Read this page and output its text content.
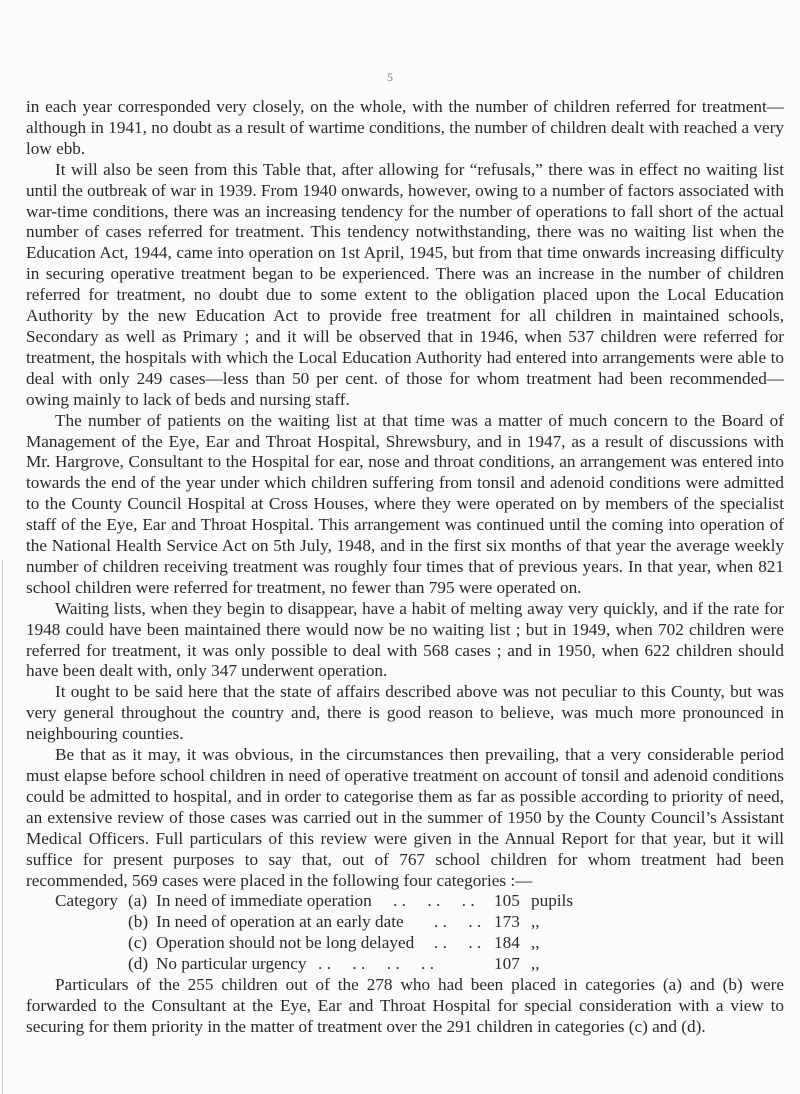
5

in each year corresponded very closely, on the whole, with the number of children referred for treatment—although in 1941, no doubt as a result of wartime conditions, the number of children dealt with reached a very low ebb.

It will also be seen from this Table that, after allowing for “refusals,” there was in effect no waiting list until the outbreak of war in 1939. From 1940 onwards, however, owing to a number of factors associated with war-time conditions, there was an increasing tendency for the number of operations to fall short of the actual number of cases referred for treatment. This tendency notwithstanding, there was no waiting list when the Education Act, 1944, came into operation on 1st April, 1945, but from that time onwards increasing difficulty in securing operative treatment began to be experienced. There was an increase in the number of children referred for treatment, no doubt due to some extent to the obligation placed upon the Local Education Authority by the new Education Act to provide free treatment for all children in maintained schools, Secondary as well as Primary ; and it will be observed that in 1946, when 537 children were referred for treatment, the hospitals with which the Local Education Authority had entered into arrangements were able to deal with only 249 cases—less than 50 per cent. of those for whom treatment had been recommended—owing mainly to lack of beds and nursing staff.

The number of patients on the waiting list at that time was a matter of much concern to the Board of Management of the Eye, Ear and Throat Hospital, Shrewsbury, and in 1947, as a result of discussions with Mr. Hargrove, Consultant to the Hospital for ear, nose and throat conditions, an arrangement was entered into towards the end of the year under which children suffering from tonsil and adenoid conditions were admitted to the County Council Hospital at Cross Houses, where they were operated on by members of the specialist staff of the Eye, Ear and Throat Hospital. This arrangement was continued until the coming into operation of the National Health Service Act on 5th July, 1948, and in the first six months of that year the average weekly number of children receiving treatment was roughly four times that of previous years. In that year, when 821 school children were referred for treatment, no fewer than 795 were operated on.

Waiting lists, when they begin to disappear, have a habit of melting away very quickly, and if the rate for 1948 could have been maintained there would now be no waiting list ; but in 1949, when 702 children were referred for treatment, it was only possible to deal with 568 cases ; and in 1950, when 622 children should have been dealt with, only 347 underwent operation.

It ought to be said here that the state of affairs described above was not peculiar to this County, but was very general throughout the country and, there is good reason to believe, was much more pronounced in neighbouring counties.

Be that as it may, it was obvious, in the circumstances then prevailing, that a very considerable period must elapse before school children in need of operative treatment on account of tonsil and adenoid conditions could be admitted to hospital, and in order to categorise them as far as possible according to priority of need, an extensive review of those cases was carried out in the summer of 1950 by the County Council’s Assistant Medical Officers. Full particulars of this review were given in the Annual Report for that year, but it will suffice for present purposes to say that, out of 767 school children for whom treatment had been recommended, 569 cases were placed in the following four categories :—

Category (a) In need of immediate operation . .     . .     . . 105 pupils
(b) In need of operation at an early date . .     . . 173 ,,
(c) Operation should not be long delayed . .     . . 184 ,,
(d) No particular urgency . .     . .     . .     . .	107 ,,

Particulars of the 255 children out of the 278 who had been placed in categories (a) and (b) were forwarded to the Consultant at the Eye, Ear and Throat Hospital for special consideration with a view to securing for them priority in the matter of treatment over the 291 children in categories (c) and (d).
